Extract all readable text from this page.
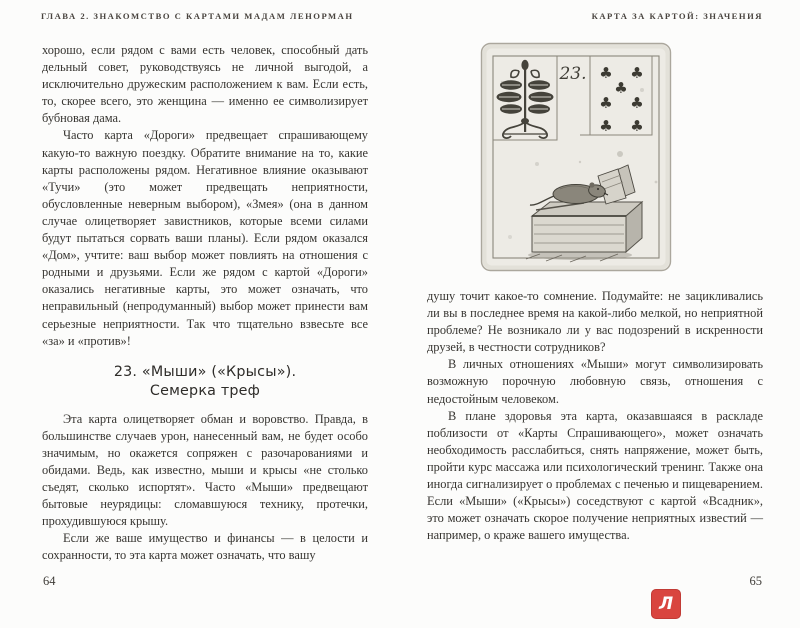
ГЛАВА 2. ЗНАКОМСТВО С КАРТАМИ МАДАМ ЛЕНОРМАН	КАРТА ЗА КАРТОЙ: ЗНАЧЕНИЯ

хорошо, если рядом с вами есть человек, способный дать дельный совет, руководствуясь не личной выгодой, а исключительно дружеским расположением к вам. Если есть, то, скорее всего, это женщина — именно ее символизирует бубновая дама.

Часто карта «Дороги» предвещает спрашивающему какую-то важную поездку. Обратите внимание на то, какие карты расположены рядом. Негативное влияние оказывают «Тучи» (это может предвещать неприятности, обусловленные неверным выбором), «Змея» (она в данном случае олицетворяет завистников, которые всеми силами будут пытаться сорвать ваши планы). Если рядом оказался «Дом», учтите: ваш выбор может повлиять на отношения с родными и друзьями. Если же рядом с картой «Дороги» оказались негативные карты, это может означать, что неправильный (непродуманный) выбор может принести вам серьезные неприятности. Так что тщательно взвесьте все «за» и «против»!

23. «Мыши» («Крысы»).
Семерка треф

Эта карта олицетворяет обман и воровство. Правда, в большинстве случаев урон, нанесенный вам, не будет особо значимым, но окажется сопряжен с разочарованиями и обидами. Ведь, как известно, мыши и крысы «не столько съедят, сколько испортят». Часто «Мыши» предвещают бытовые неурядицы: сломавшуюся технику, протечки, прохудившуюся крышу.

Если же ваше имущество и финансы — в целости и сохранности, то эта карта может означать, что вашу

64
23. ♣ ♣
♣
♣ ♣
♣ ♣

душу точит какое-то сомнение. Подумайте: не зацикливались ли вы в последнее время на какой-либо мелкой, но неприятной проблеме? Не возникало ли у вас подозрений в искренности друзей, в честности сотрудников?

В личных отношениях «Мыши» могут символизировать возможную порочную любовную связь, отношения с недостойным человеком.

В плане здоровья эта карта, оказавшаяся в раскладе поблизости от «Карты Спрашивающего», может означать необходимость расслабиться, снять напряжение, может быть, пройти курс массажа или психологический тренинг. Также она иногда сигнализирует о проблемах с печенью и пищеварением. Если «Мыши» («Крысы») соседствуют с картой «Всадник», это может означать скорое получение неприятных известий — например, о краже вашего имущества.

65
Л
